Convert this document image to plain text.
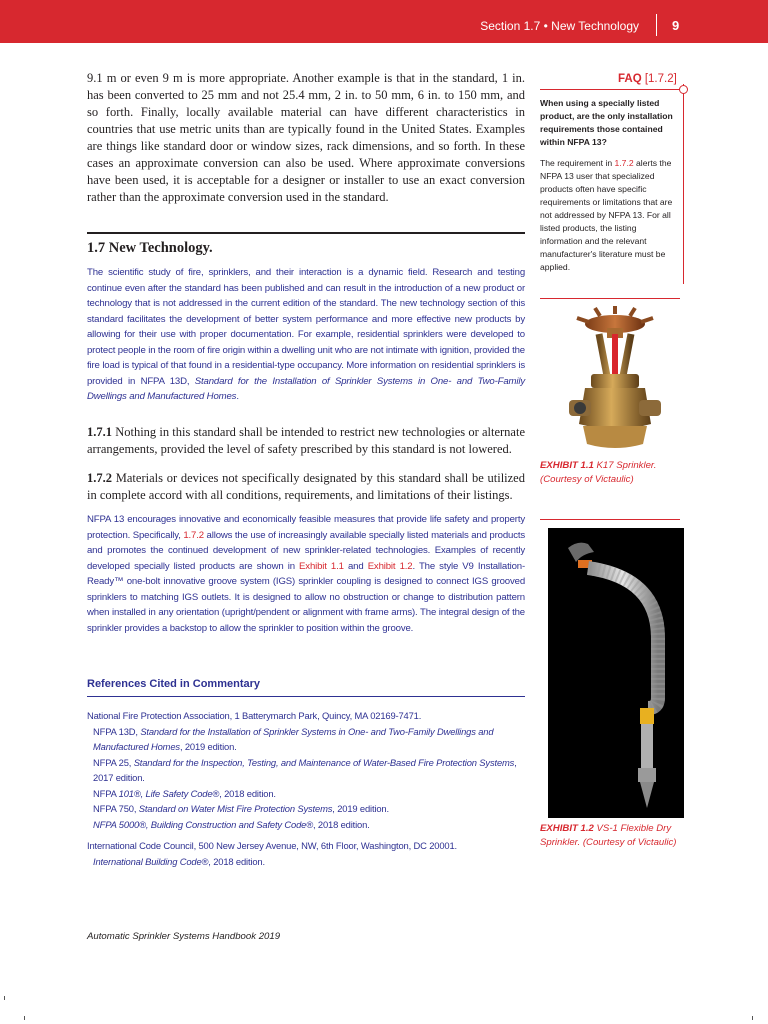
Section 1.7 • New Technology	9

9.1 m or even 9 m is more appropriate. Another example is that in the standard, 1 in. has been converted to 25 mm and not 25.4 mm, 2 in. to 50 mm, 6 in. to 150 mm, and so forth. Finally, locally available material can have different characteristics in countries that use metric units than are typically found in the United States. Examples are things like standard door or window sizes, rack dimensions, and so forth. In these cases an approximate conversion can also be used. Where approximate conversions have been used, it is acceptable for a designer or installer to use an exact conversion rather than the approximate conversion used in the standard.

1.7 New Technology.

The scientific study of fire, sprinklers, and their interaction is a dynamic field. Research and testing continue even after the standard has been published and can result in the introduction of a new product or technology that is not addressed in the current edition of the standard. The new technology section of this standard facilitates the development of better system performance and more effective new products by allowing for their use with proper documentation. For example, residential sprinklers were developed to protect people in the room of fire origin within a dwelling unit who are not intimate with ignition, provided the fire load is typical of that found in a residential-type occupancy. More information on residential sprinklers is provided in NFPA 13D, Standard for the Installation of Sprinkler Systems in One- and Two-Family Dwellings and Manufactured Homes.

1.7.1 Nothing in this standard shall be intended to restrict new technologies or alternate arrangements, provided the level of safety prescribed by this standard is not lowered.

1.7.2 Materials or devices not specifically designated by this standard shall be utilized in complete accord with all conditions, requirements, and limitations of their listings.

NFPA 13 encourages innovative and economically feasible measures that provide life safety and property protection. Specifically, 1.7.2 allows the use of increasingly available specially listed materials and products and promotes the continued development of new sprinkler-related technologies. Examples of recently developed specially listed products are shown in Exhibit 1.1 and Exhibit 1.2. The style V9 Installation-Ready™ one-bolt innovative groove system (IGS) sprinkler coupling is designed to connect IGS grooved sprinklers to matching IGS outlets. It is designed to allow no obstruction or change to distribution pattern when installed in any orientation (upright/pendent or alignment with frame arms). The integral design of the sprinkler provides a backstop to allow the sprinkler to position within the groove.

References Cited in Commentary
National Fire Protection Association, 1 Batterymarch Park, Quincy, MA 02169-7471.
NFPA 13D, Standard for the Installation of Sprinkler Systems in One- and Two-Family Dwellings and Manufactured Homes, 2019 edition.
NFPA 25, Standard for the Inspection, Testing, and Maintenance of Water-Based Fire Protection Systems, 2017 edition.
NFPA 101®, Life Safety Code®, 2018 edition.
NFPA 750, Standard on Water Mist Fire Protection Systems, 2019 edition.
NFPA 5000®, Building Construction and Safety Code®, 2018 edition.
International Code Council, 500 New Jersey Avenue, NW, 6th Floor, Washington, DC 20001.
International Building Code®, 2018 edition.
Automatic Sprinkler Systems Handbook 2019
FAQ [1.7.2]
When using a specially listed product, are the only installation requirements those contained within NFPA 13?
The requirement in 1.7.2 alerts the NFPA 13 user that specialized products often have specific requirements or limitations that are not addressed by NFPA 13. For all listed products, the listing information and the relevant manufacturer's literature must be applied.
EXHIBIT 1.1 K17 Sprinkler. (Courtesy of Victaulic)
EXHIBIT 1.2 VS-1 Flexible Dry Sprinkler. (Courtesy of Victaulic)
